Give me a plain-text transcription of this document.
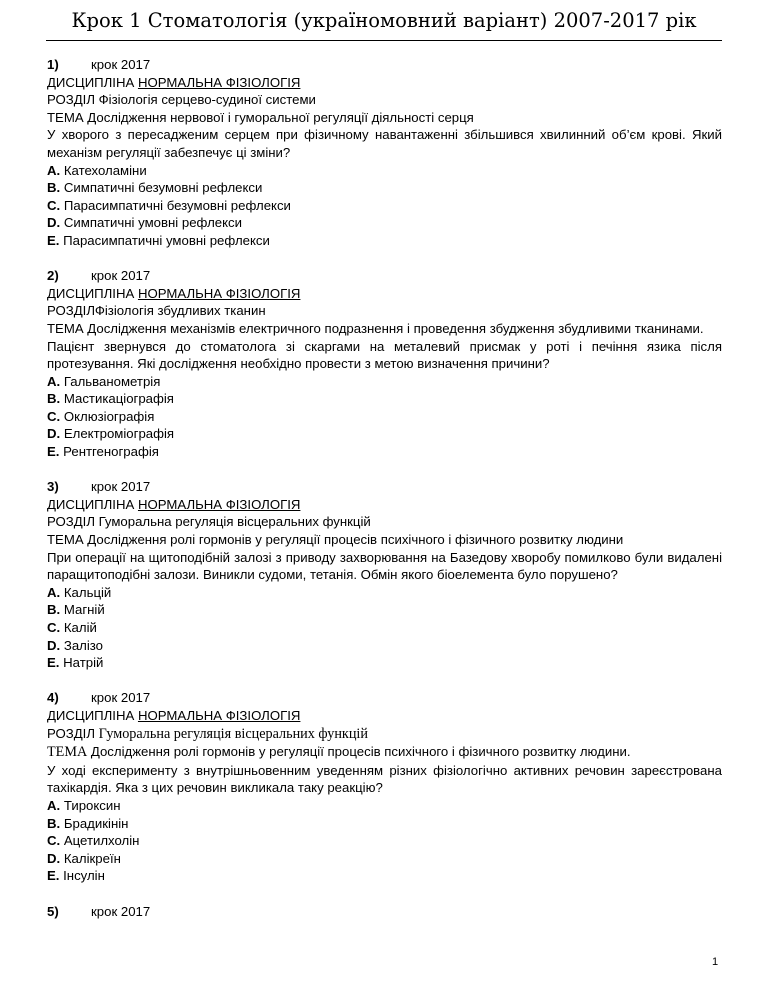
Крок 1 Стоматологія (україномовний варіант) 2007-2017 рік
1) крок 2017
ДИСЦИПЛІНА НОРМАЛЬНА ФІЗІОЛОГІЯ
РОЗДІЛ Фізіологія серцево-судиної системи
ТЕМА Дослідження нервової і гуморальної регуляції діяльності серця
У хворого з пересадженим серцем при фізичному навантаженні збільшився хвилинний об’єм крові. Який механізм регуляції забезпечує ці зміни?
A. Катехоламіни
B. Симпатичні безумовні рефлекси
C. Парасимпатичні безумовні рефлекси
D. Симпатичні умовні рефлекси
E. Парасимпатичні умовні рефлекси
2) крок 2017
ДИСЦИПЛІНА НОРМАЛЬНА ФІЗІОЛОГІЯ
РОЗДІЛФізіологія збудливих тканин
ТЕМА Дослідження механізмів електричного подразнення і проведення збудження збудливими тканинами.
Пацієнт звернувся до стоматолога зі скаргами на металевий присмак у роті і печіння язика після протезування. Які дослідження необхідно провести з метою визначення причини?
A. Гальванометрія
B. Мастикаціографія
C. Оклюзіографія
D. Електроміографія
E. Рентгенографія
3) крок 2017
ДИСЦИПЛІНА НОРМАЛЬНА ФІЗІОЛОГІЯ
РОЗДІЛ Гуморальна регуляція вісцеральних функцій
ТЕМА Дослідження ролі гормонів у регуляції процесів психічного і фізичного розвитку людини
При операції на щитоподібній залозі з приводу захворювання на Базедову хворобу помилково були видалені паращитоподібні залози. Виникли судоми, тетанія. Обмін якого біоелемента було порушено?
A. Кальцій
B. Магній
C. Калій
D. Залізо
E. Натрій
4) крок 2017
ДИСЦИПЛІНА НОРМАЛЬНА ФІЗІОЛОГІЯ
РОЗДІЛ Гуморальна регуляція вісцеральних функцій
ТЕМА Дослідження ролі гормонів у регуляції процесів психічного і фізичного розвитку людини.
У ході експерименту з внутрішньовенним уведенням різних фізіологічно активних речовин зареєстрована тахікардія. Яка з цих речовин викликала таку реакцію?
A. Тироксин
B. Брадикінін
C. Ацетилхолін
D. Калікреїн
E. Інсулін
5) крок 2017
1
